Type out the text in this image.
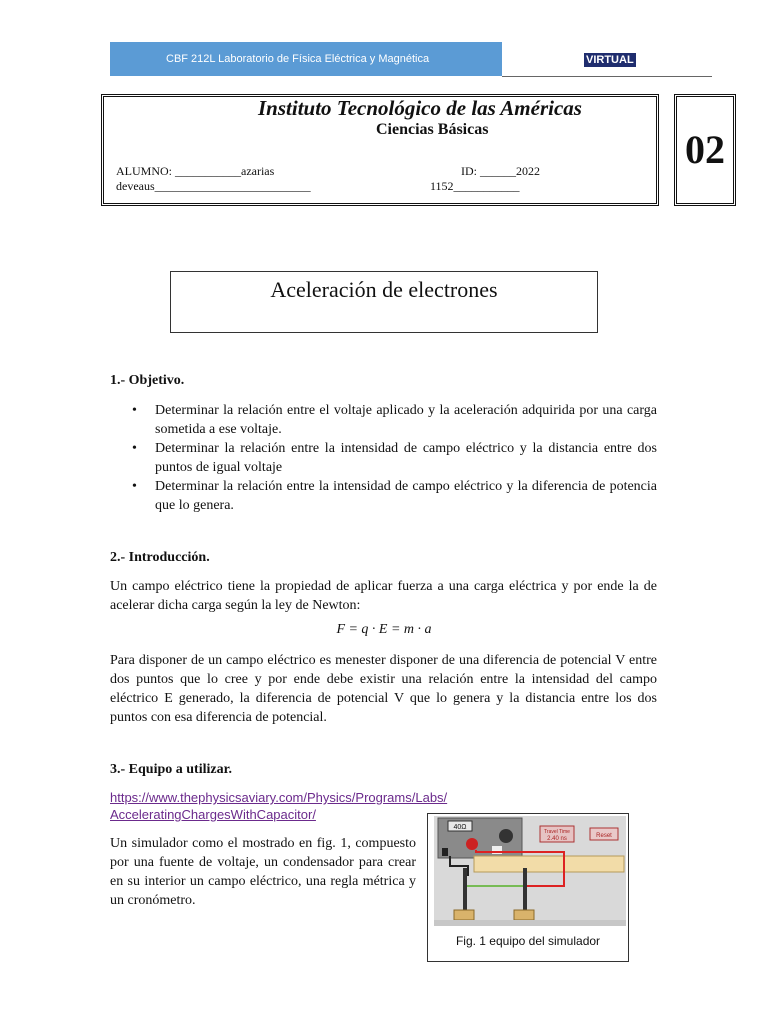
CBF 212L Laboratorio de Física Eléctrica y Magnética	VIRTUAL
Instituto Tecnológico de las Américas
Ciencias Básicas
ALUMNO: ___________azarias
deveaus__________________________
ID: ______2022
1152___________
02
Aceleración de electrones
1.- Objetivo.
• Determinar la relación entre el voltaje aplicado y la aceleración adquirida por una carga sometida a ese voltaje.
• Determinar la relación entre la intensidad de campo eléctrico y la distancia entre dos puntos de igual voltaje
• Determinar la relación entre la intensidad de campo eléctrico y la diferencia de potencia que lo genera.
2.- Introducción.
Un campo eléctrico tiene la propiedad de aplicar fuerza a una carga eléctrica y por ende la de acelerar dicha carga según la ley de Newton:
F = q · E = m · a
Para disponer de un campo eléctrico es menester disponer de una diferencia de potencial V entre dos puntos que lo cree y por ende debe existir una relación entre la intensidad del campo eléctrico E generado, la diferencia de potencial V que lo genera y la distancia entre los dos puntos con esa diferencia de potencial.
3.- Equipo a utilizar.
https://www.thephysicsaviary.com/Physics/Programs/Labs/
AcceleratingChargesWithCapacitor/
Un simulador como el mostrado en fig. 1, compuesto por una fuente de voltaje, un condensador para crear en su interior un campo eléctrico, una regla métrica y un cronómetro.
40Ω
Travel Time
2.40 ns	Reset
Fig. 1 equipo del simulador
